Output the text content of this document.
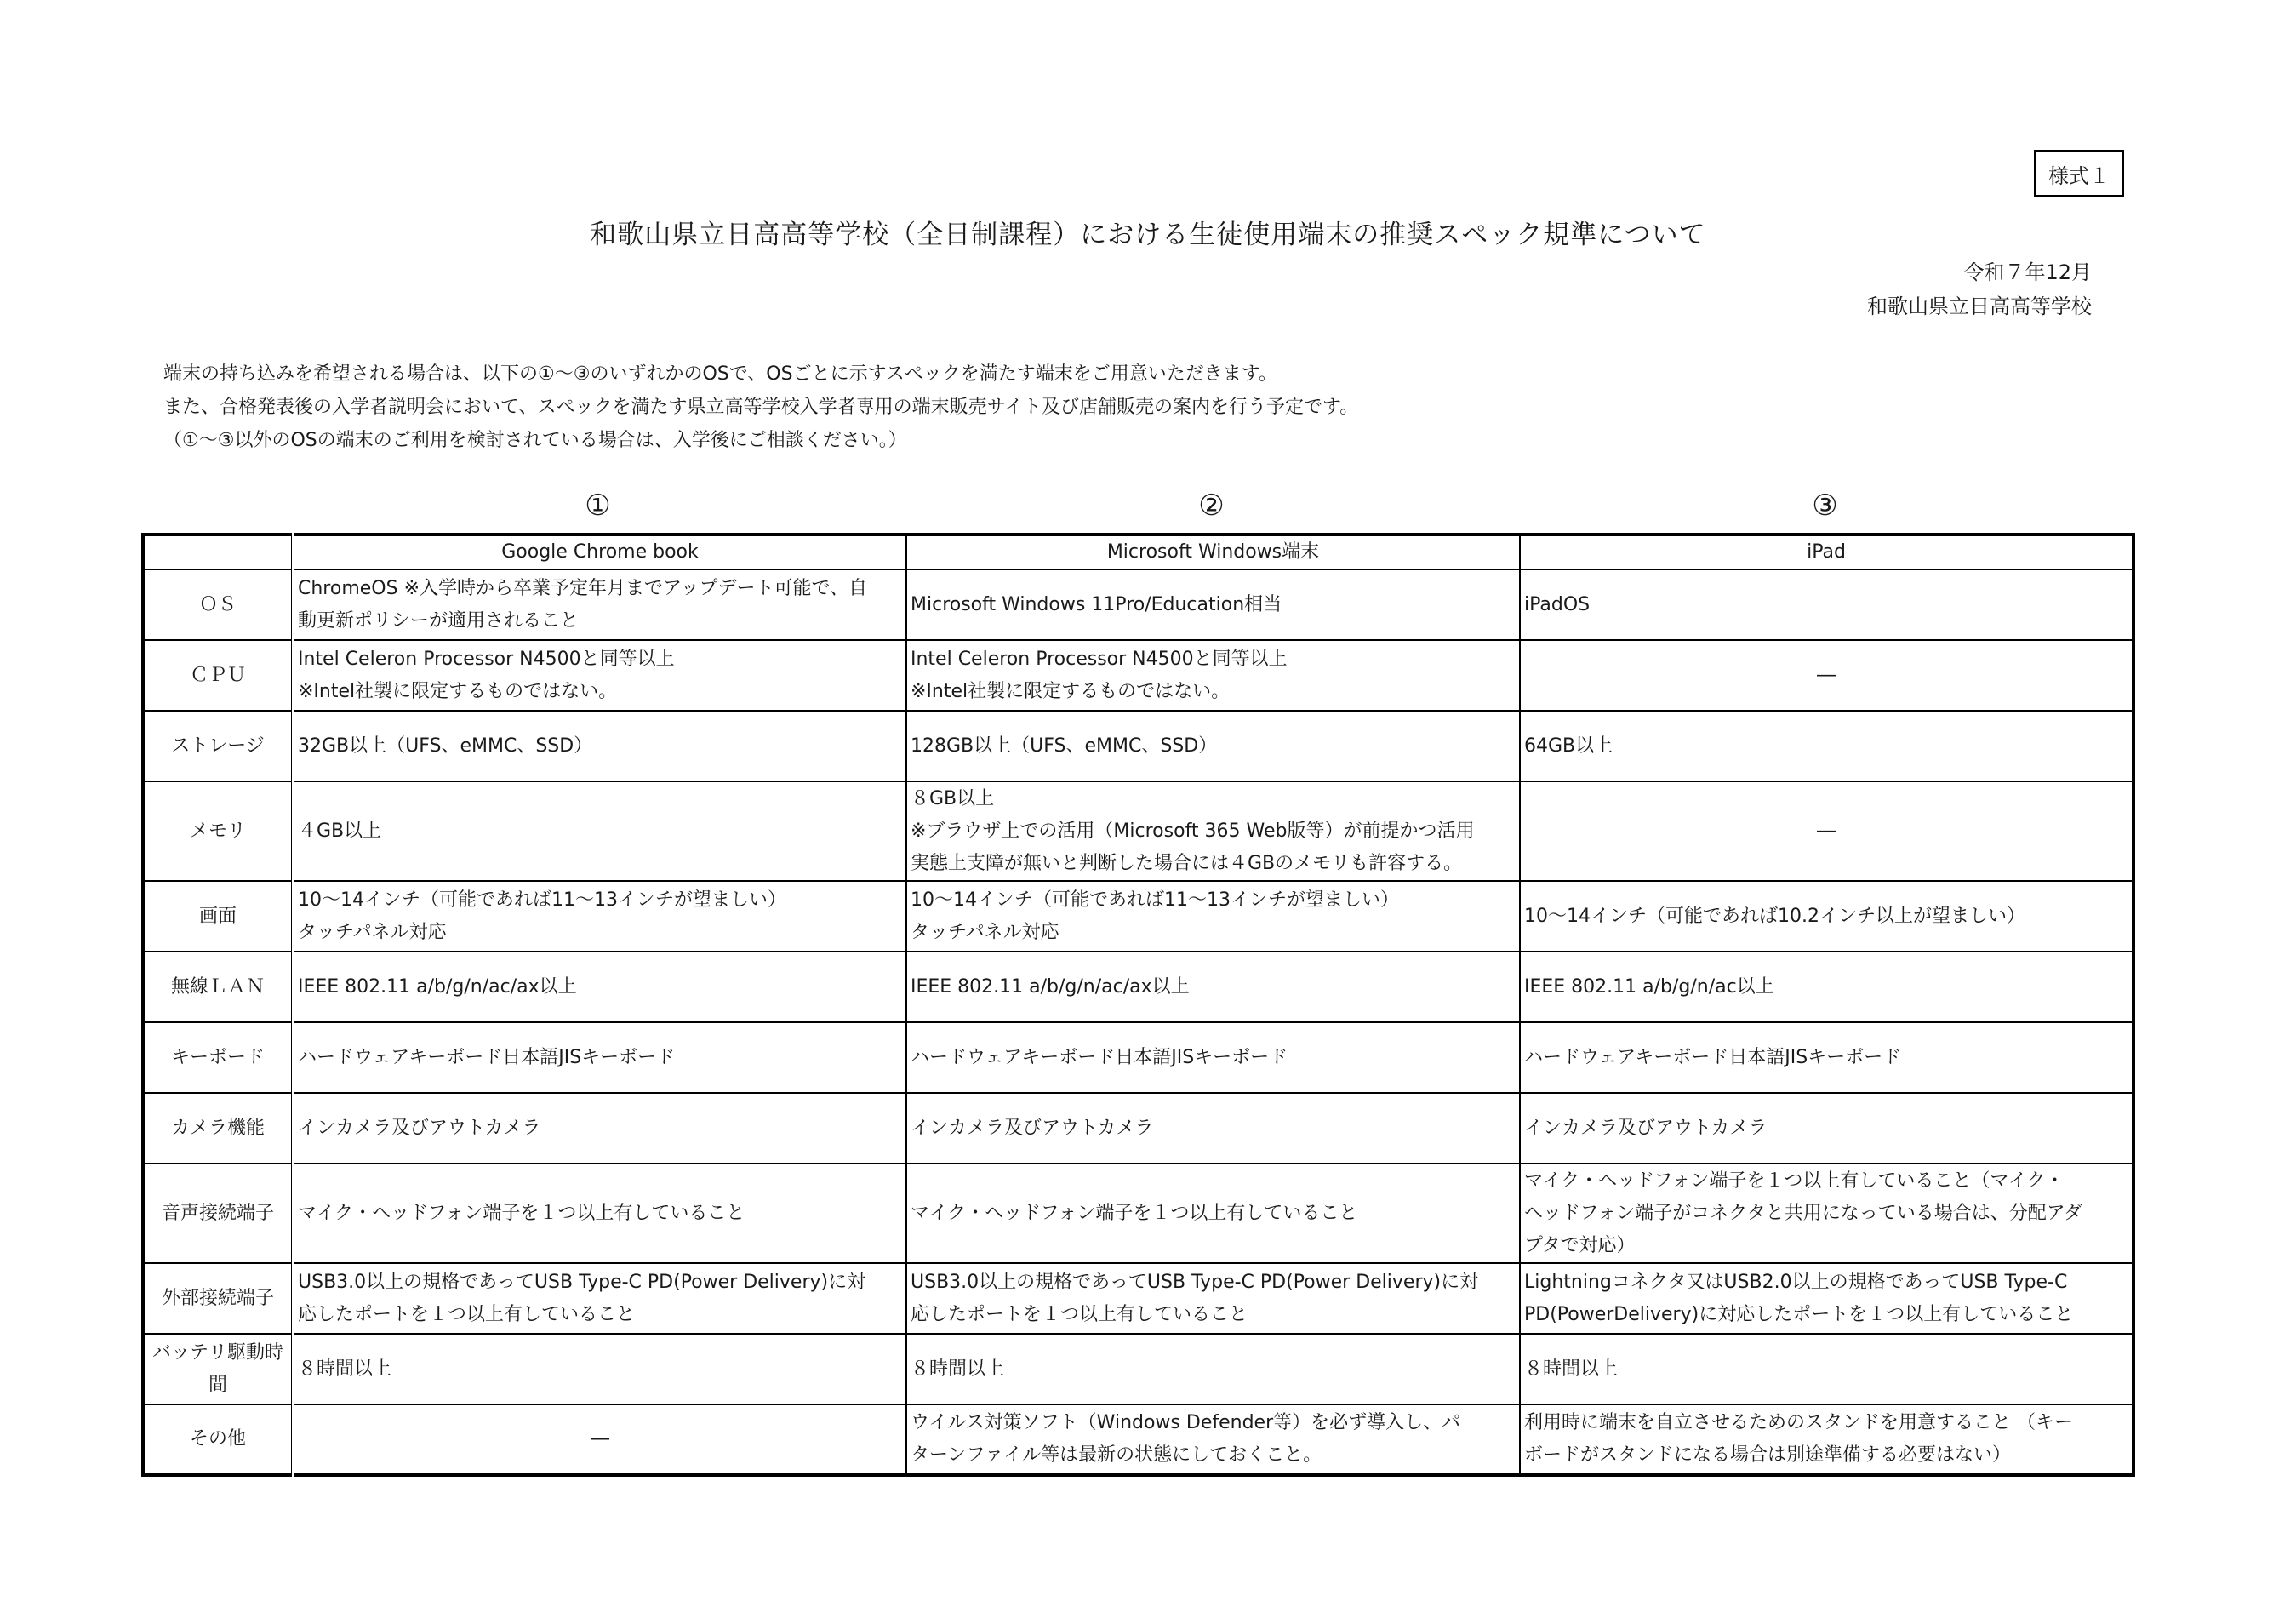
様式１
和歌山県立日高高等学校（全日制課程）における生徒使用端末の推奨スペック規準について
令和７年12月
和歌山県立日高高等学校
端末の持ち込みを希望される場合は、以下の①～③のいずれかのOSで、OSごとに示すスペックを満たす端末をご用意いただきます。
また、合格発表後の入学者説明会において、スペックを満たす県立高等学校入学者専用の端末販売サイト及び店舗販売の案内を行う予定です。
（①～③以外のOSの端末のご利用を検討されている場合は、入学後にご相談ください。）
①	②	③
	Google Chrome book	Microsoft Windows端末	iPad
ＯＳ	ChromeOS ※入学時から卒業予定年月までアップデート可能で、自
動更新ポリシーが適用されること	Microsoft Windows 11Pro/Education相当	iPadOS

ＣＰＵ	Intel Celeron Processor N4500と同等以上
※Intel社製に限定するものではない。	Intel Celeron Processor N4500と同等以上
※Intel社製に限定するものではない。	―

ストレージ	32GB以上（UFS、eMMC、SSD）	128GB以上（UFS、eMMC、SSD）	64GB以上

メモリ	４GB以上	８GB以上
※ブラウザ上での活用（Microsoft 365 Web版等）が前提かつ活用
実態上支障が無いと判断した場合には４GBのメモリも許容する。	―

画面	10～14インチ（可能であれば11～13インチが望ましい）
タッチパネル対応	10～14インチ（可能であれば11～13インチが望ましい）
タッチパネル対応	10～14インチ（可能であれば10.2インチ以上が望ましい）

無線ＬＡＮ	IEEE 802.11 a/b/g/n/ac/ax以上	IEEE 802.11 a/b/g/n/ac/ax以上	IEEE 802.11 a/b/g/n/ac以上

キーボード	ハードウェアキーボード日本語JISキーボード	ハードウェアキーボード日本語JISキーボード	ハードウェアキーボード日本語JISキーボード

カメラ機能	インカメラ及びアウトカメラ	インカメラ及びアウトカメラ	インカメラ及びアウトカメラ

音声接続端子	マイク・ヘッドフォン端子を１つ以上有していること	マイク・ヘッドフォン端子を１つ以上有していること	マイク・ヘッドフォン端子を１つ以上有していること（マイク・
ヘッドフォン端子がコネクタと共用になっている場合は、分配アダ
プタで対応）

外部接続端子	USB3.0以上の規格であってUSB Type-C PD(Power Delivery)に対
応したポートを１つ以上有していること	USB3.0以上の規格であってUSB Type-C PD(Power Delivery)に対
応したポートを１つ以上有していること	Lightningコネクタ又はUSB2.0以上の規格であってUSB Type-C
PD(PowerDelivery)に対応したポートを１つ以上有していること

バッテリ駆動時間	８時間以上	８時間以上	８時間以上

その他	―	ウイルス対策ソフト（Windows Defender等）を必ず導入し、パ
ターンファイル等は最新の状態にしておくこと。	利用時に端末を自立させるためのスタンドを用意すること （キー
ボードがスタンドになる場合は別途準備する必要はない）
